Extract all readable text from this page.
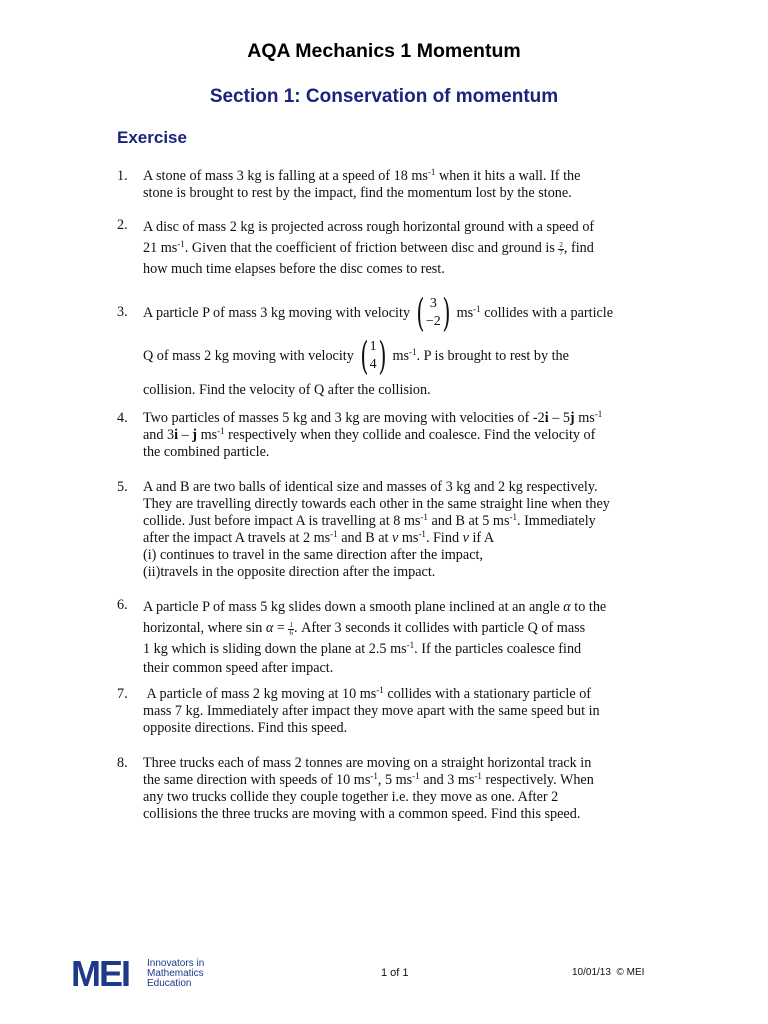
AQA Mechanics 1 Momentum
Section 1: Conservation of momentum
Exercise
1. A stone of mass 3 kg is falling at a speed of 18 $ms^{-1}$ when it hits a wall. If the
stone is brought to rest by the impact, find the momentum lost by the stone.
2. A disc of mass 2 kg is projected across rough horizontal ground with a speed of
21 $ms^{-1}$. Given that the coefficient of friction between disc and ground is $\frac{2}{7}$ , find
how much time elapses before the disc comes to rest.
3. A particle P of mass 3 kg moving with velocity ( 3
−2 ) $ms^{-1}$ collides with a particle
Q of mass 2 kg moving with velocity ( 1
4 ) $ms^{-1}$. P is brought to rest by the
collision. Find the velocity of Q after the collision.
4. Two particles of masses 5 kg and 3 kg are moving with velocities of -2i – 5j $ms^{-1}$
and 3i – j $ms^{-1}$ respectively when they collide and coalesce. Find the velocity of
the combined particle.
5. A and B are two balls of identical size and masses of 3 kg and 2 kg respectively.
They are travelling directly towards each other in the same straight line when they
collide. Just before impact A is travelling at 8 $ms^{-1}$ and B at 5 $ms^{-1}$. Immediately
after the impact A travels at 2 $ms^{-1}$ and B at v $ms^{-1}$. Find v if A
(i) continues to travel in the same direction after the impact,
(ii)travels in the opposite direction after the impact.
6. A particle P of mass 5 kg slides down a smooth plane inclined at an angle α to the
horizontal, where $\sin \alpha = \frac{1}{6}$ . After 3 seconds it collides with particle Q of mass
1 kg which is sliding down the plane at 2.5 $ms^{-1}$. If the particles coalesce find
their common speed after impact.
7. A particle of mass 2 kg moving at 10 $ms^{-1}$ collides with a stationary particle of
mass 7 kg. Immediately after impact they move apart with the same speed but in
opposite directions. Find this speed.
8. Three trucks each of mass 2 tonnes are moving on a straight horizontal track in
the same direction with speeds of 10 $ms^{-1}$, 5 $ms^{-1}$ and 3 $ms^{-1}$ respectively. When
any two trucks collide they couple together i.e. they move as one. After 2
collisions the three trucks are moving with a common speed. Find this speed.
MEI Innovators in
Mathematics
Education
1 of 1	10/01/13 © MEI
